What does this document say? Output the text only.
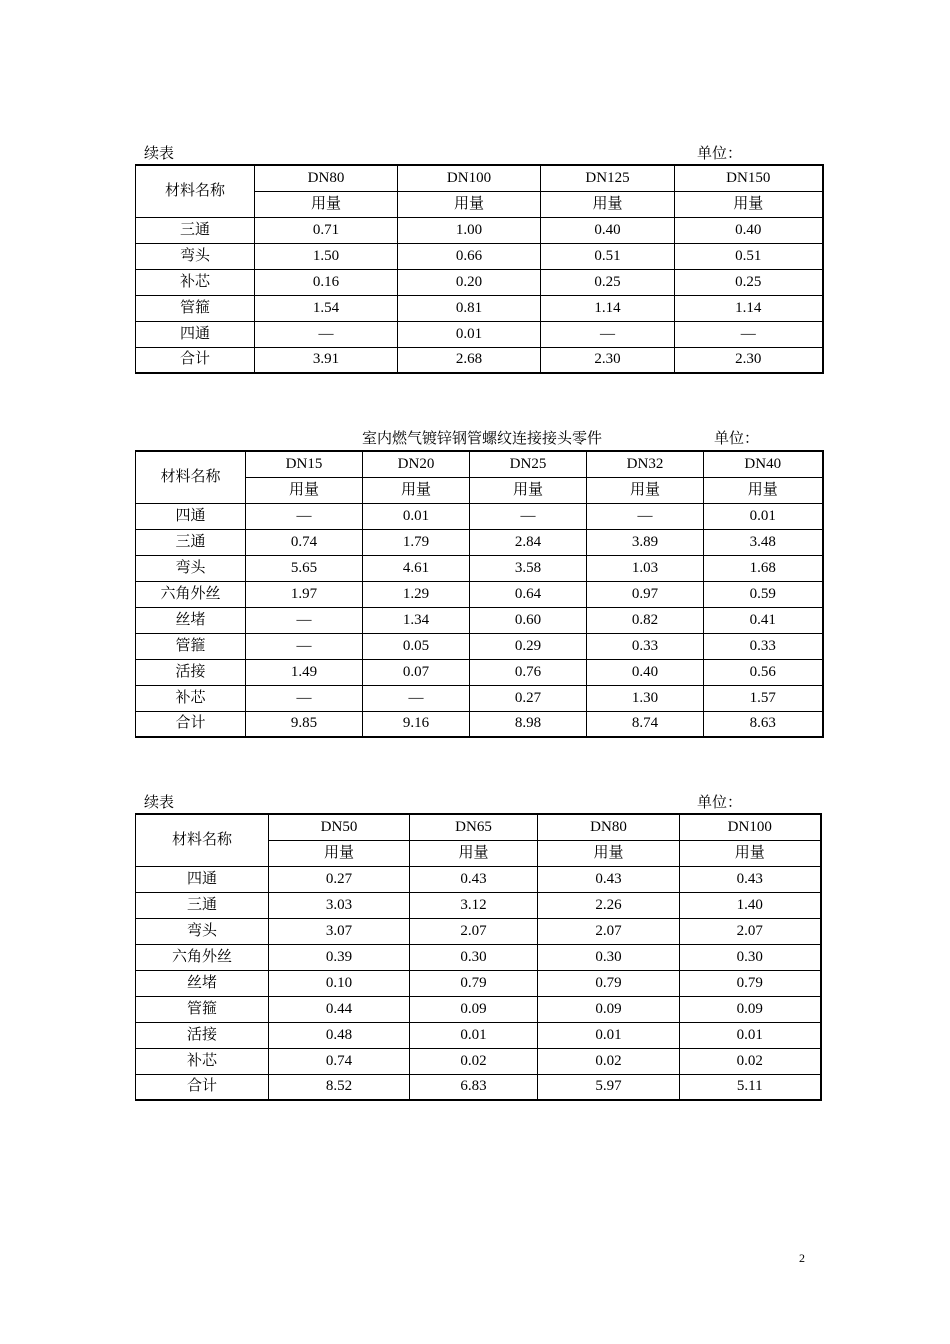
续表	单位：
材料名称	DN80	DN100	DN125	DN150
	用量	用量	用量	用量
三通	0.71	1.00	0.40	0.40
弯头	1.50	0.66	0.51	0.51
补芯	0.16	0.20	0.25	0.25
管箍	1.54	0.81	1.14	1.14
四通	—	0.01	—	—
合计	3.91	2.68	2.30	2.30
室内燃气镀锌钢管螺纹连接接头零件	单位：
材料名称	DN15	DN20	DN25	DN32	DN40
	用量	用量	用量	用量	用量
四通	—	0.01	—	—	0.01
三通	0.74	1.79	2.84	3.89	3.48
弯头	5.65	4.61	3.58	1.03	1.68
六角外丝	1.97	1.29	0.64	0.97	0.59
丝堵	—	1.34	0.60	0.82	0.41
管箍	—	0.05	0.29	0.33	0.33
活接	1.49	0.07	0.76	0.40	0.56
补芯	—	—	0.27	1.30	1.57
合计	9.85	9.16	8.98	8.74	8.63
续表	单位：
材料名称	DN50	DN65	DN80	DN100
	用量	用量	用量	用量
四通	0.27	0.43	0.43	0.43
三通	3.03	3.12	2.26	1.40
弯头	3.07	2.07	2.07	2.07
六角外丝	0.39	0.30	0.30	0.30
丝堵	0.10	0.79	0.79	0.79
管箍	0.44	0.09	0.09	0.09
活接	0.48	0.01	0.01	0.01
补芯	0.74	0.02	0.02	0.02
合计	8.52	6.83	5.97	5.11
2
